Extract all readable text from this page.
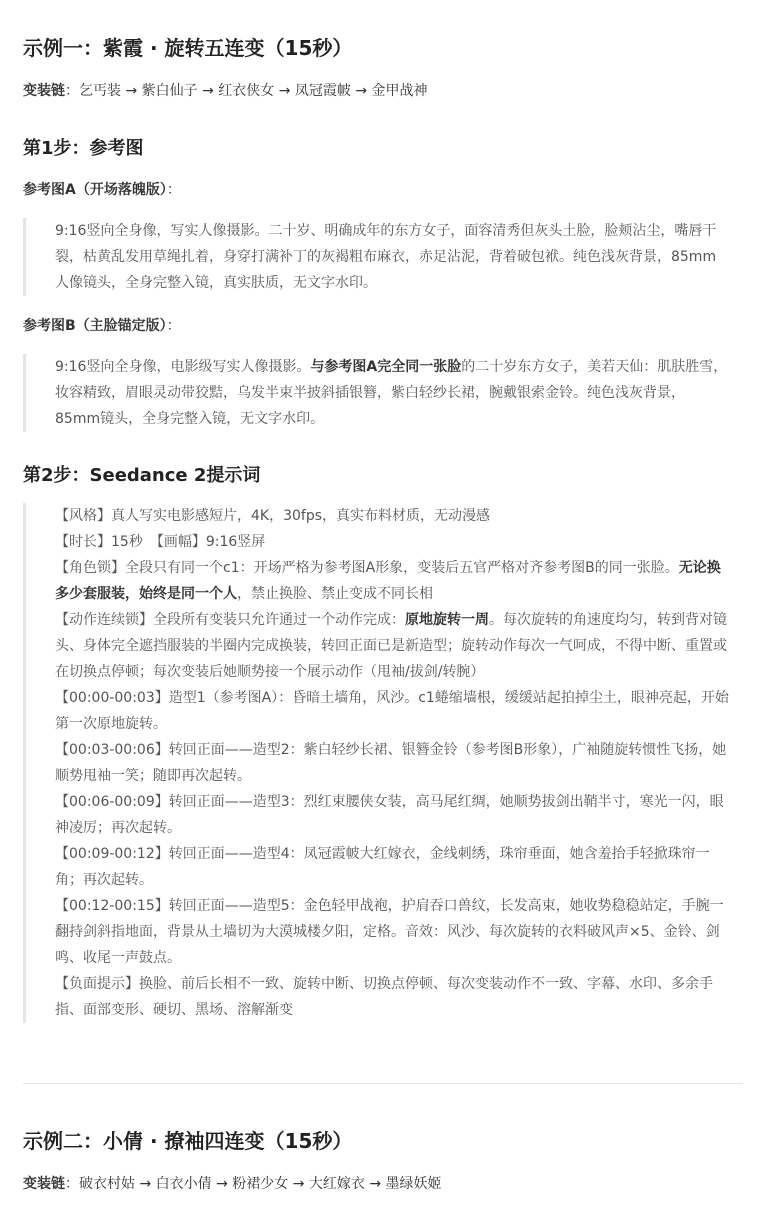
示例一：紫霞 · 旋转五连变（15秒）
变装链：乞丐装 → 紫白仙子 → 红衣侠女 → 凤冠霞帔 → 金甲战神
第1步：参考图
参考图A（开场落魄版）：
9:16竖向全身像，写实人像摄影。二十岁、明确成年的东方女子，面容清秀但灰头土脸，脸颊沾尘，嘴唇干裂，枯黄乱发用草绳扎着，身穿打满补丁的灰褐粗布麻衣，赤足沾泥，背着破包袱。纯色浅灰背景，85mm人像镜头，全身完整入镜，真实肤质，无文字水印。
参考图B（主脸锚定版）：
9:16竖向全身像，电影级写实人像摄影。与参考图A完全同一张脸的二十岁东方女子，美若天仙：肌肤胜雪，妆容精致，眉眼灵动带狡黠，乌发半束半披斜插银簪，紫白轻纱长裙，腕戴银索金铃。纯色浅灰背景，85mm镜头，全身完整入镜，无文字水印。
第2步：Seedance 2提示词

【风格】真人写实电影感短片，4K，30fps，真实布料材质，无动漫感

【时长】15秒　【画幅】9:16竖屏

【角色锁】全段只有同一个c1：开场严格为参考图A形象，变装后五官严格对齐参考图B的同一张脸。无论换多少套服装，始终是同一个人，禁止换脸、禁止变成不同长相

【动作连续锁】全段所有变装只允许通过一个动作完成：原地旋转一周。每次旋转的角速度均匀，转到背对镜头、身体完全遮挡服装的半圈内完成换装，转回正面已是新造型；旋转动作每次一气呵成，不得中断、重置或在切换点停顿；每次变装后她顺势接一个展示动作（甩袖/拔剑/转腕）

【00:00-00:03】造型1（参考图A）：昏暗土墙角，风沙。c1蜷缩墙根，缓缓站起拍掉尘土，眼神亮起，开始第一次原地旋转。

【00:03-00:06】转回正面——造型2：紫白轻纱长裙、银簪金铃（参考图B形象），广袖随旋转惯性飞扬，她顺势甩袖一笑；随即再次起转。

【00:06-00:09】转回正面——造型3：烈红束腰侠女装，高马尾红绸，她顺势拔剑出鞘半寸，寒光一闪，眼神凌厉；再次起转。

【00:09-00:12】转回正面——造型4：凤冠霞帔大红嫁衣，金线刺绣，珠帘垂面，她含羞抬手轻掀珠帘一角；再次起转。

【00:12-00:15】转回正面——造型5：金色轻甲战袍，护肩吞口兽纹，长发高束，她收势稳稳站定，手腕一翻持剑斜指地面，背景从土墙切为大漠城楼夕阳，定格。音效：风沙、每次旋转的衣料破风声×5、金铃、剑鸣、收尾一声鼓点。

【负面提示】换脸、前后长相不一致、旋转中断、切换点停顿、每次变装动作不一致、字幕、水印、多余手指、面部变形、硬切、黑场、溶解渐变

示例二：小倩 · 撩袖四连变（15秒）
变装链：破衣村姑 → 白衣小倩 → 粉裙少女 → 大红嫁衣 → 墨绿妖姬
